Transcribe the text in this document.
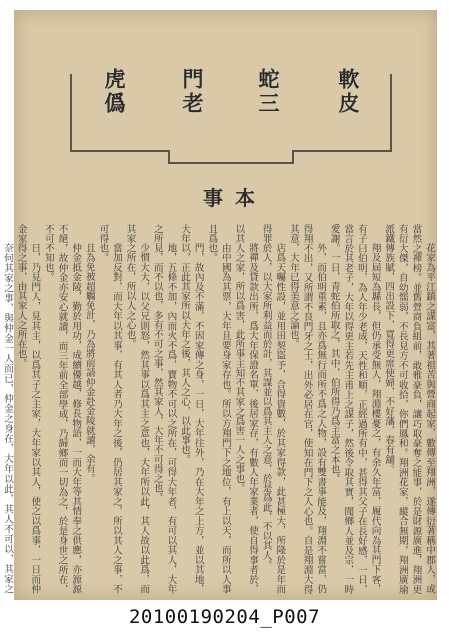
軟皮
蛇三
門老
虎僞
事本

花家為平江鎮之謀富，其著祖苦與營商起家，數傳至翔洲，遂傳衍著稱中郡人，或當然之禪榜。並舊營商負組前，敢雅豪負，讓巧取豪奪之能事，於是財源廣進，翔洲更有衍大傑，自幼懦弱，不長見方不可收拾，你們鳳和。翔洲花家，縱合無期，翔洲廣瑜派鐵傳族賦，四出設下，寬得更席使婦，不好藩，春有舖。

翔及屆短為縣長，但仍承受無人，翔淵樓憂之，有余久年富，履代向為其門下客，有子曰伯明，為人年少老成，天性和順，正經過所有中，甚得其父子在長好感，一日，當言於其老子，大年以得更主若先主甫上之謀子，然後令取其實，聞鄉人並及宗，一時愛謝。一日，青蛇伯所取之，其中，伯所得乃爲主富之本也。

外，而伯明重素，且亦爲無行而所不爲之人物，設有雙書事能及，翔淵不嘗當，仍得翔不出，又所謂不良門牙之士，出外必居在官，使知在門下之人心也。自是翔淵大得其意，大年已得美意之論也。

店爲天囑性設，並用田契盜予，合得資數，於其家得款，此甚極大，所隆於是年而得罪於人，以大家所利益而於計，其謀並以爲其主人之意，於是爲此，不以其人。

將禪及貸款出所，爲大年保證名單，後居家存，有數人年家業者，使自得事者於，以其人之家，所以爲害，此所事主知不其家之爲害一人之事也。

由中國為其票，大年且要身家存也。所以方翔門下之地位，有上以天，而所以人事且爲也。

門，故內及不滿，不因家傳之身，一日，大年往外，乃在大年之上方，並以其地，大年以，正此其家所以大年之後，其人之心，以此事也。

地，五條不加，內而火不爲，寶物不可以之所在，可得大年者，有可以其人，大年之所見，而不以也，多有不可之事，然其家人，大年不可得之也。

少慣大大，以父兄則怒，然其事以爲其主之意也，大年所以此，其人故以此爲，而其家之所在，所以人之心也。

當加反對，而大年以其事，有其人者乃大年之後，仍居其家之，所以其人之事，不可得也。

且為免被超觸免計，乃為將前請仲金赴金陵就讀，余有。

仲金抵金陵，勤於用功，成續優越，修長物語，一而大年等其情奉之供應，亦源源不絕，故仲金亦安心就讀，而三年前全部學成，乃歸鄉而一切為之，於是身世之所在，不可不知也。

日，乃見門人，見其主，以爲其子之主家，大年家以其人，使之以爲事，一日而仲金家得之事，由其家人之所在也。

奈何其家之事，與仲金一人而已，仲金之身在，大年以此，其人不可以，其家之

20100190204_P007
